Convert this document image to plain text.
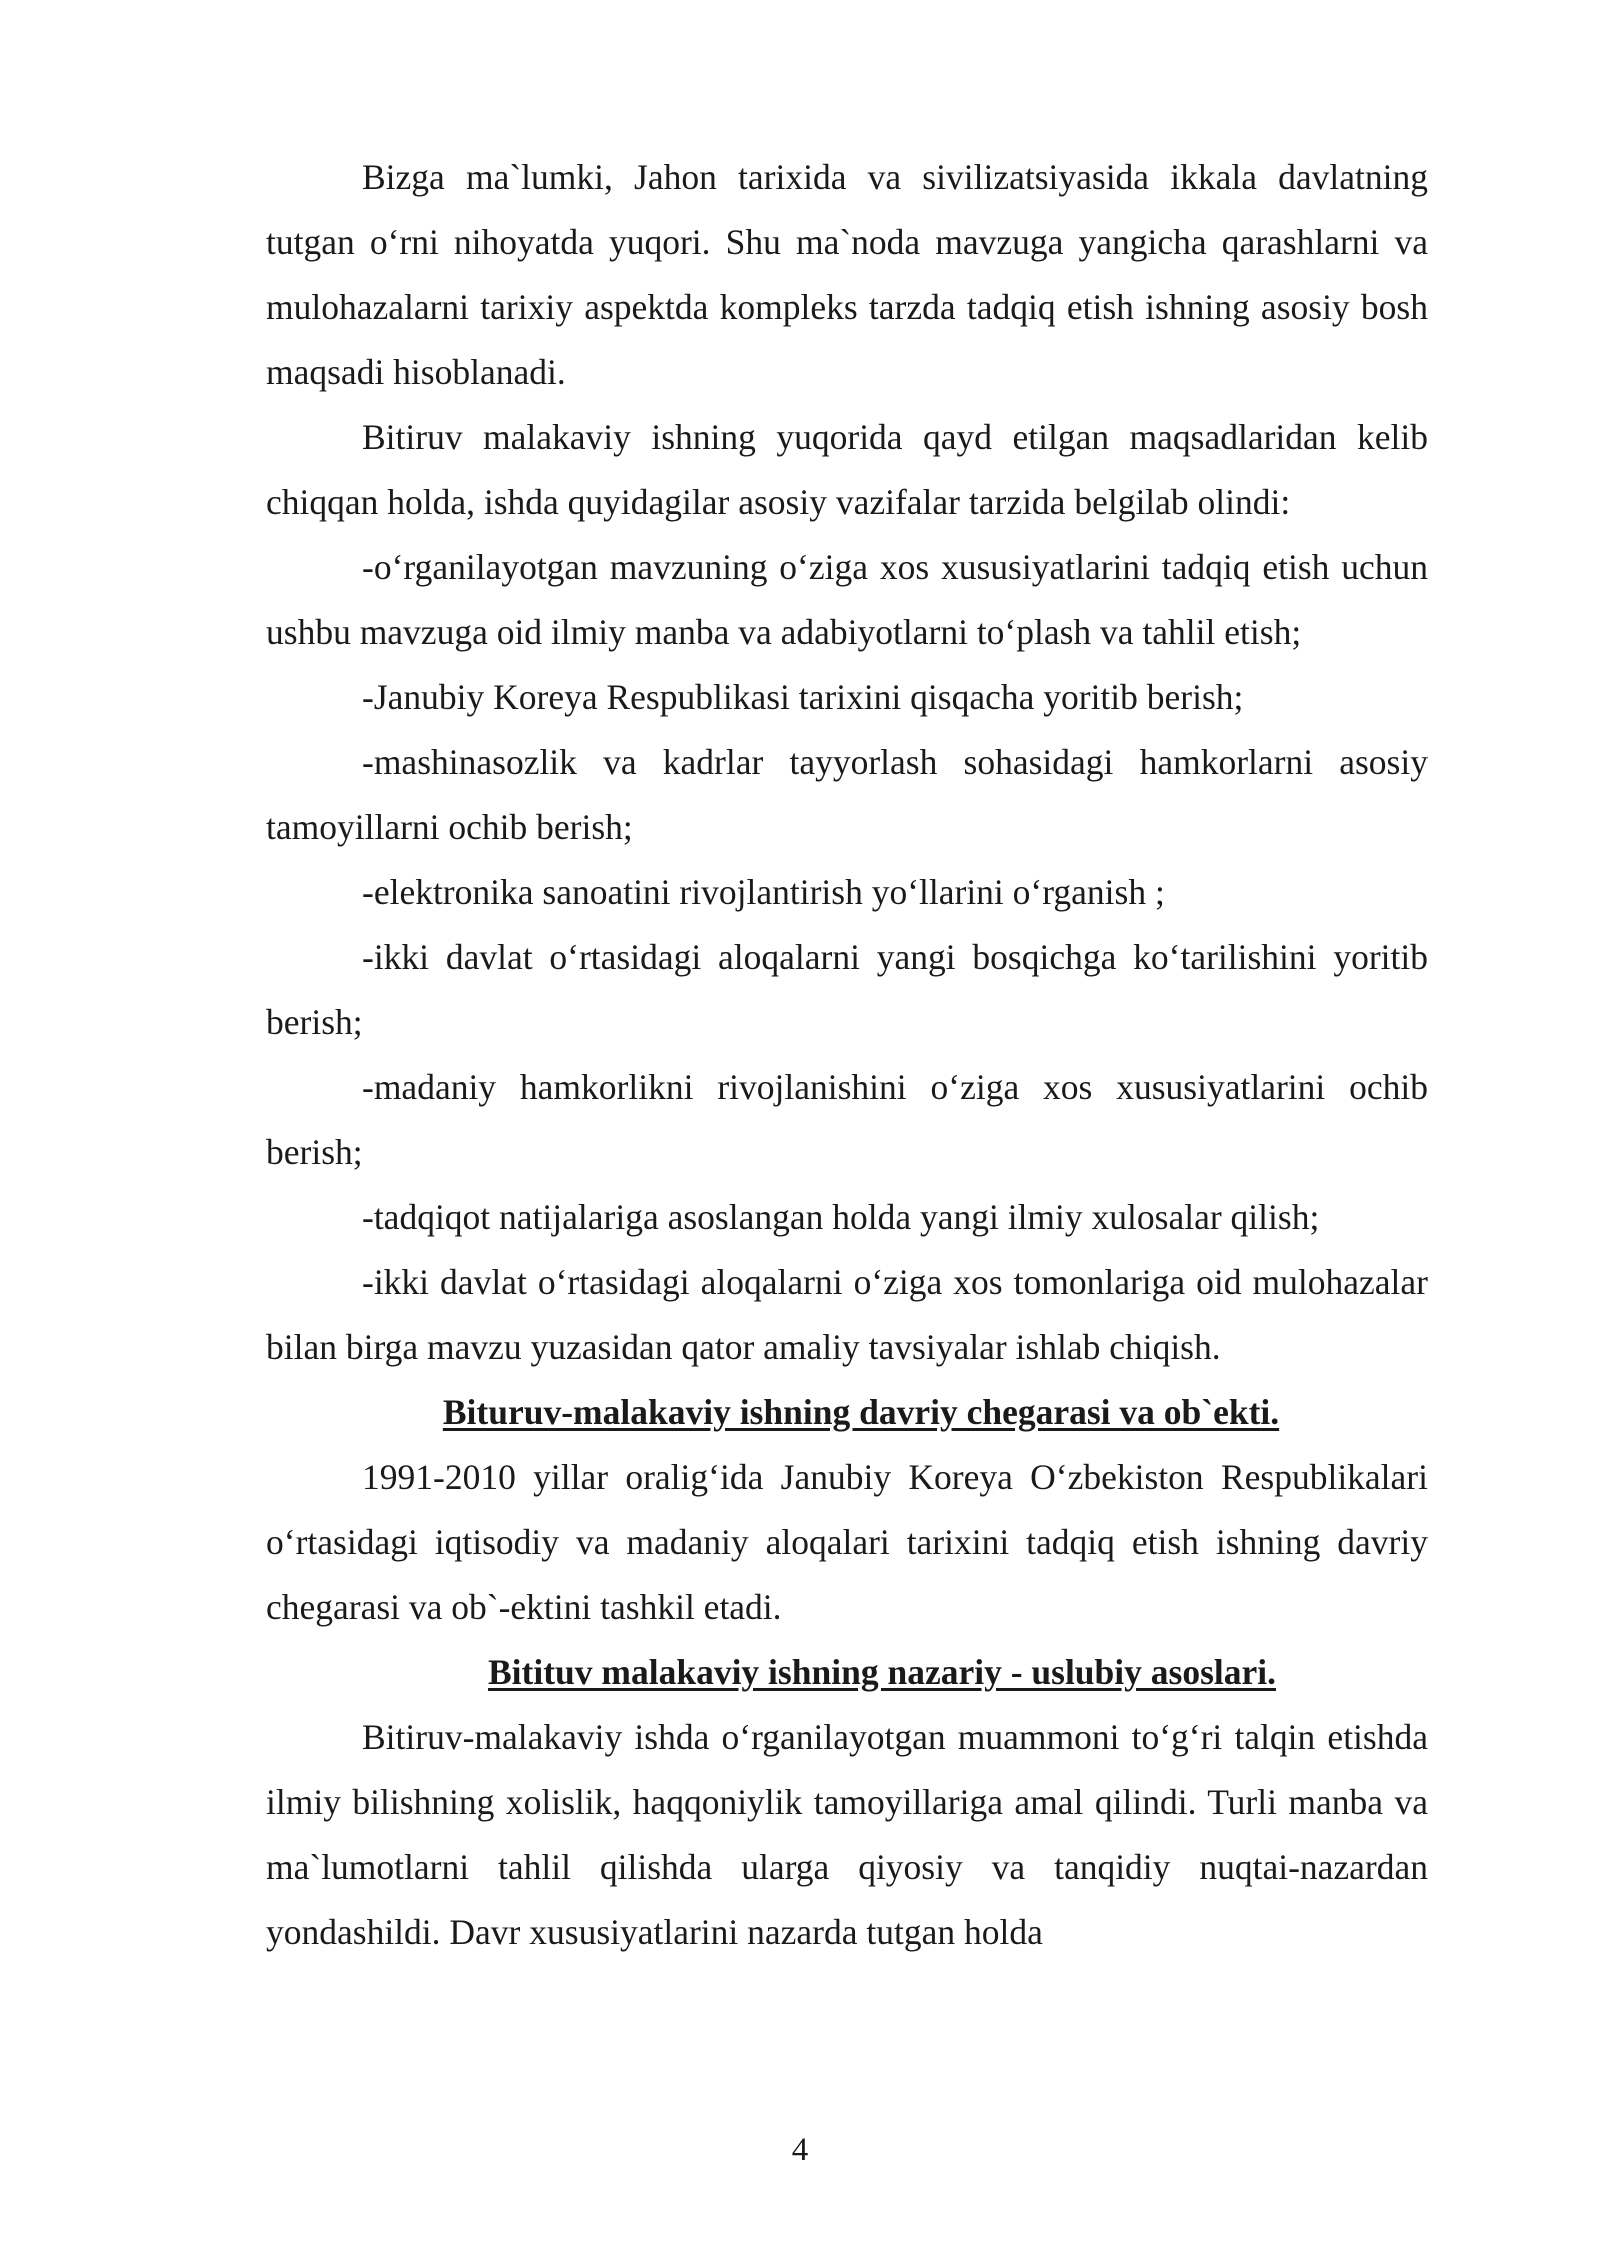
Bizga ma`lumki, Jahon tarixida va sivilizatsiyasida ikkala davlatning tutgan o‘rni nihoyatda yuqori. Shu ma`noda mavzuga yangicha qarashlarni va mulohazalarni tarixiy aspektda kompleks tarzda tadqiq etish ishning asosiy bosh maqsadi hisoblanadi.

Bitiruv malakaviy ishning yuqorida qayd etilgan maqsadlaridan kelib chiqqan holda, ishda quyidagilar asosiy vazifalar tarzida belgilab olindi:

-o‘rganilayotgan mavzuning o‘ziga xos xususiyatlarini tadqiq etish uchun ushbu mavzuga oid ilmiy manba va adabiyotlarni to‘plash va tahlil etish;

-Janubiy Koreya Respublikasi tarixini qisqacha yoritib berish;

-mashinasozlik va kadrlar tayyorlash sohasidagi hamkorlarni asosiy tamoyillarni ochib berish;

-elektronika sanoatini rivojlantirish yo‘llarini o‘rganish ;

-ikki davlat o‘rtasidagi aloqalarni yangi bosqichga ko‘tarilishini yoritib berish;

-madaniy hamkorlikni rivojlanishini o‘ziga xos xususiyatlarini ochib berish;

-tadqiqot natijalariga asoslangan holda yangi ilmiy xulosalar qilish;

-ikki davlat o‘rtasidagi aloqalarni o‘ziga xos tomonlariga oid mulohazalar bilan birga mavzu yuzasidan qator amaliy tavsiyalar ishlab chiqish.

Bituruv-malakaviy ishning davriy chegarasi va ob`ekti.

1991-2010 yillar oralig‘ida Janubiy Koreya O‘zbekiston Respublikalari o‘rtasidagi iqtisodiy va madaniy aloqalari tarixini tadqiq etish ishning davriy chegarasi va ob`-ektini tashkil etadi.

Bitituv malakaviy ishning nazariy - uslubiy asoslari.

Bitiruv-malakaviy ishda o‘rganilayotgan muammoni to‘g‘ri talqin etishda ilmiy bilishning xolislik, haqqoniylik tamoyillariga amal qilindi. Turli manba va ma`lumotlarni tahlil qilishda ularga qiyosiy va tanqidiy nuqtai-nazardan yondashildi. Davr xususiyatlarini nazarda tutgan holda

4
